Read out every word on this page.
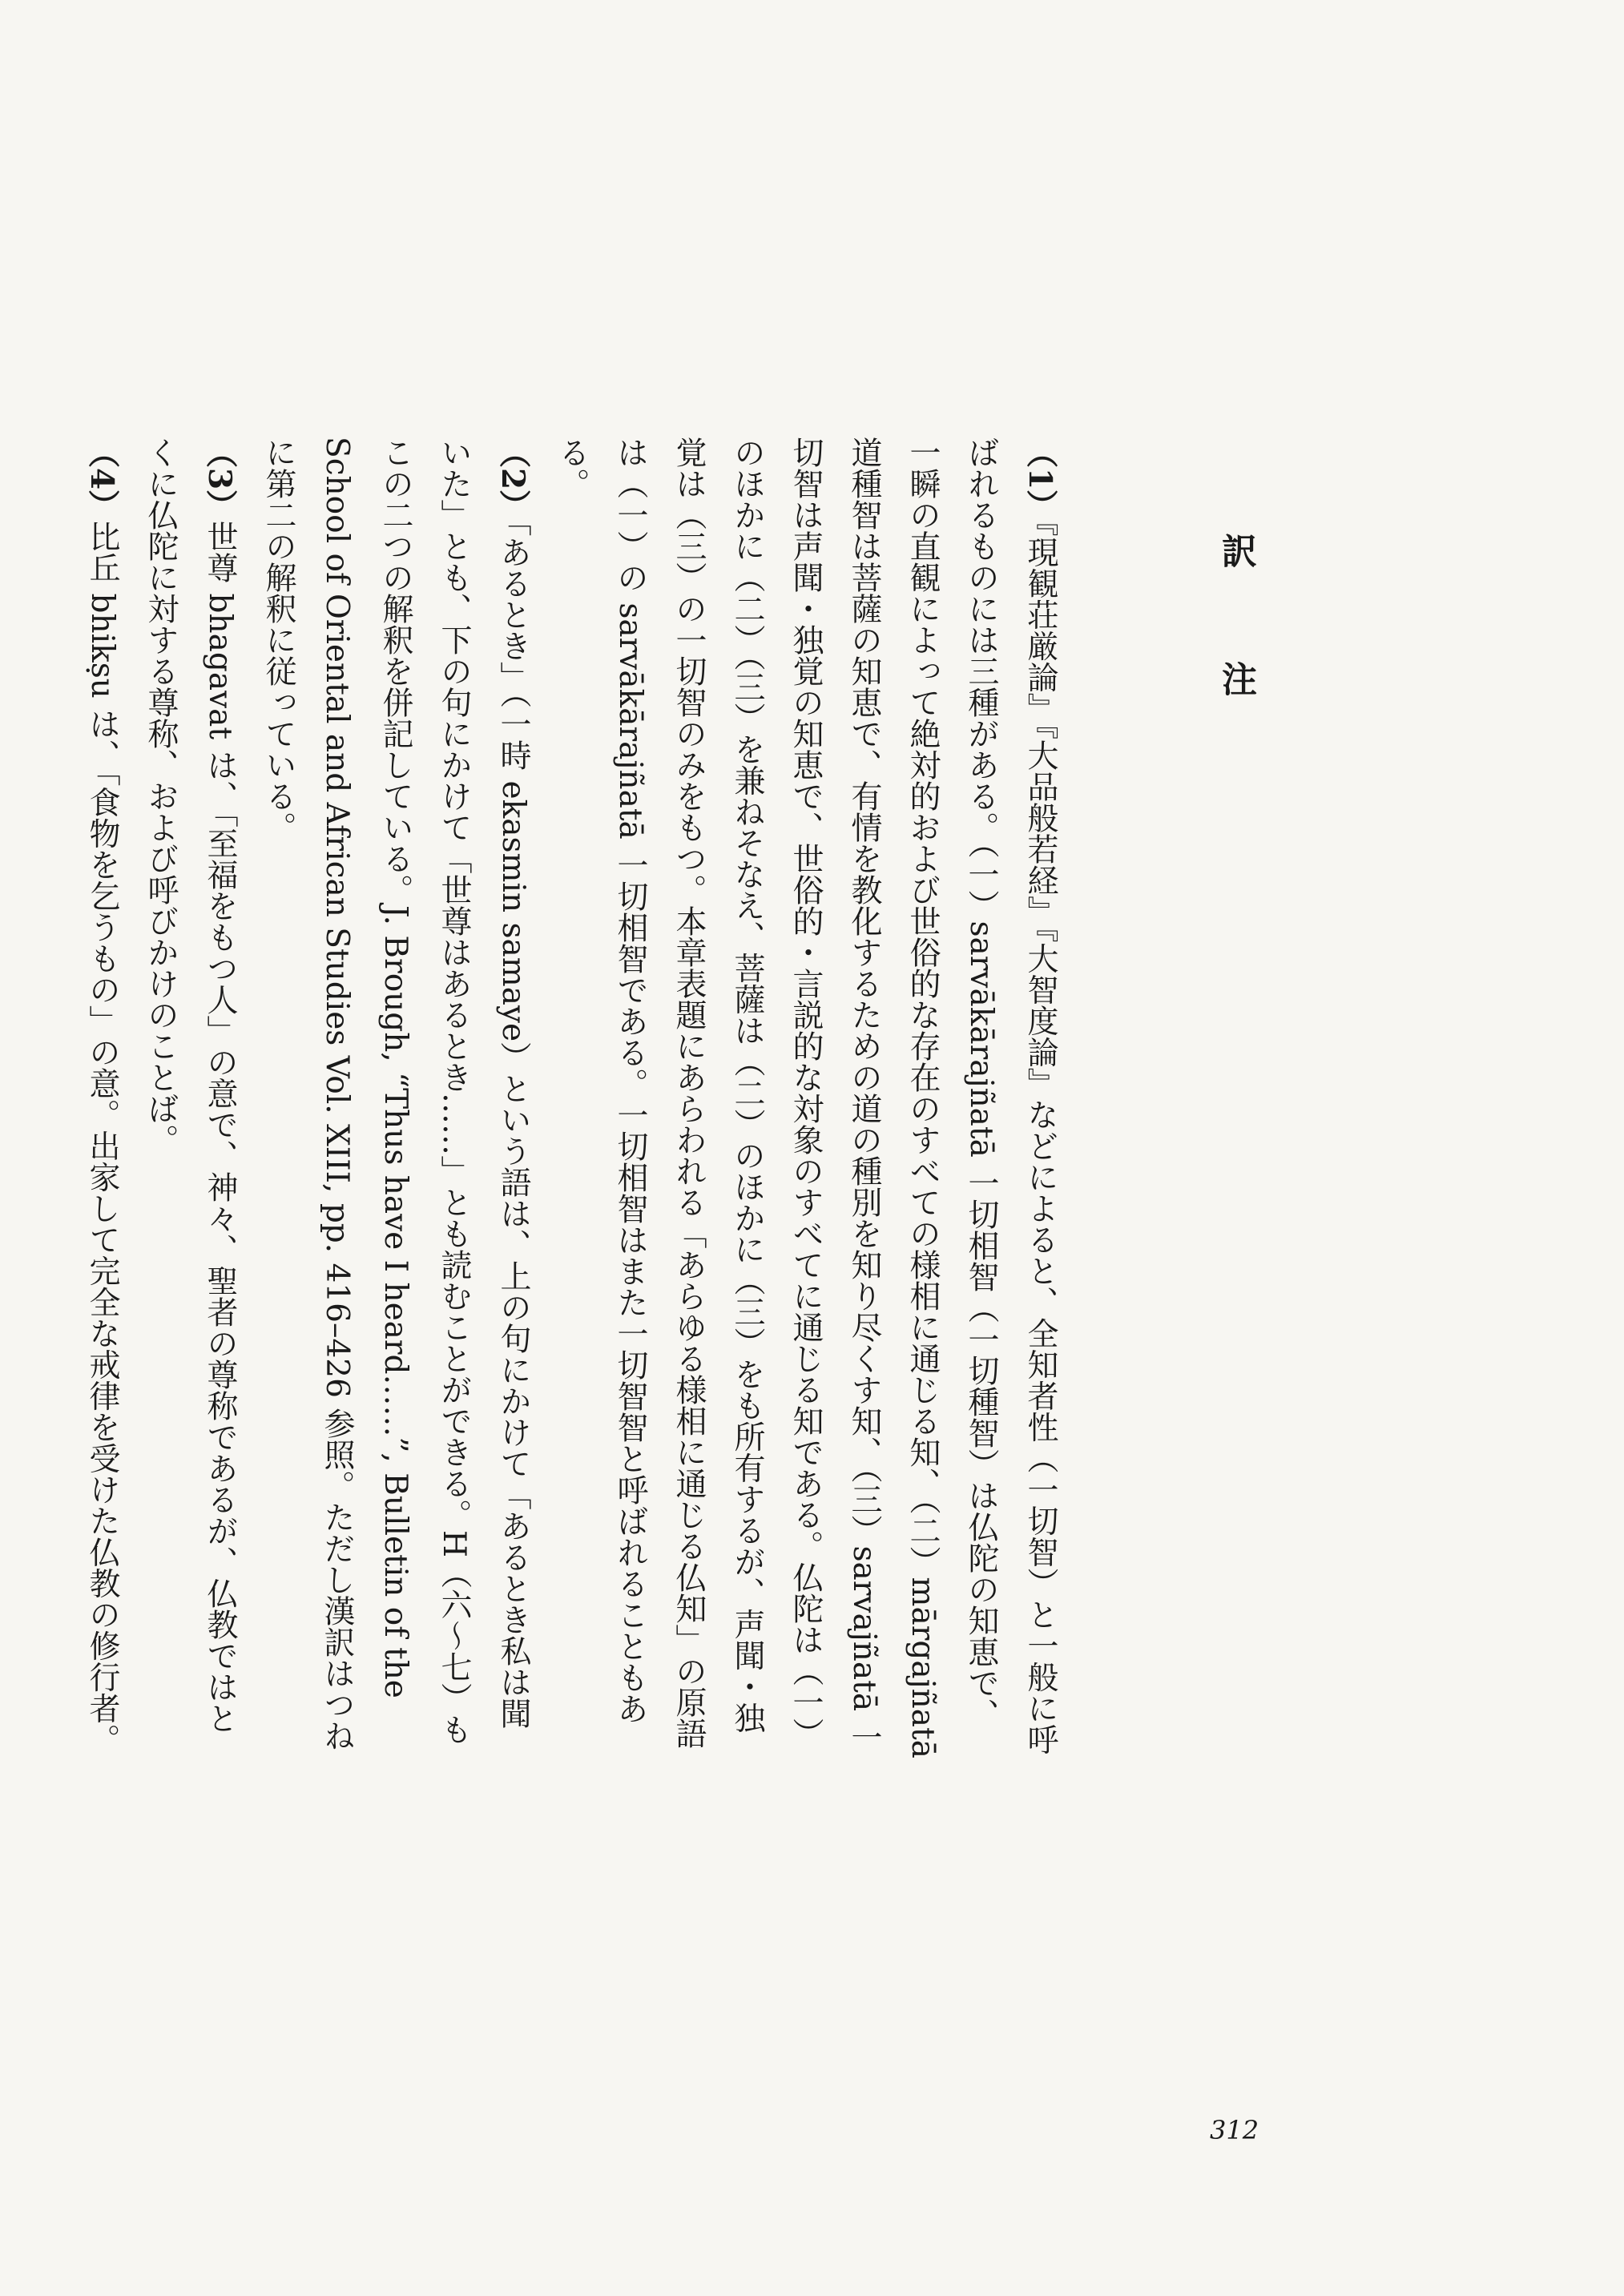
訳　注

（1）『現観荘厳論』『大品般若経』『大智度論』などによると、全知者性（一切智）と一般に呼ばれるものには三種がある。（一）sarvākārajñatā 一切相智（一切種智）は仏陀の知恵で、一瞬の直観によって絶対的および世俗的な存在のすべての様相に通じる知、（二）mārgajñatā 道種智は菩薩の知恵で、有情を教化するための道の種別を知り尽くす知、（三）sarvajñatā 一切智は声聞・独覚の知恵で、世俗的・言説的な対象のすべてに通じる知である。仏陀は（一）のほかに（二）（三）を兼ねそなえ、菩薩は（二）のほかに（三）をも所有するが、声聞・独覚は（三）の一切智のみをもつ。本章表題にあらわれる「あらゆる様相に通じる仏知」の原語は（一）の sarvākārajñatā 一切相智である。一切相智はまた一切智智と呼ばれることもある。

（2）「あるとき」（一時 ekasmin samaye）という語は、上の句にかけて「あるとき私は聞いた」とも、下の句にかけて「世尊はあるとき……」とも読むことができる。H（六〜七）もこの二つの解釈を併記している。J. Brough, “Thus have I heard……”, Bulletin of the School of Oriental and African Studies Vol. XIII, pp. 416–426 参照。ただし漢訳はつねに第二の解釈に従っている。

（3）世尊 bhagavat は、「至福をもつ人」の意で、神々、聖者の尊称であるが、仏教ではとくに仏陀に対する尊称、および呼びかけのことば。

（4）比丘 bhikṣu は、「食物を乞うもの」の意。出家して完全な戒律を受けた仏教の修行者。

312
